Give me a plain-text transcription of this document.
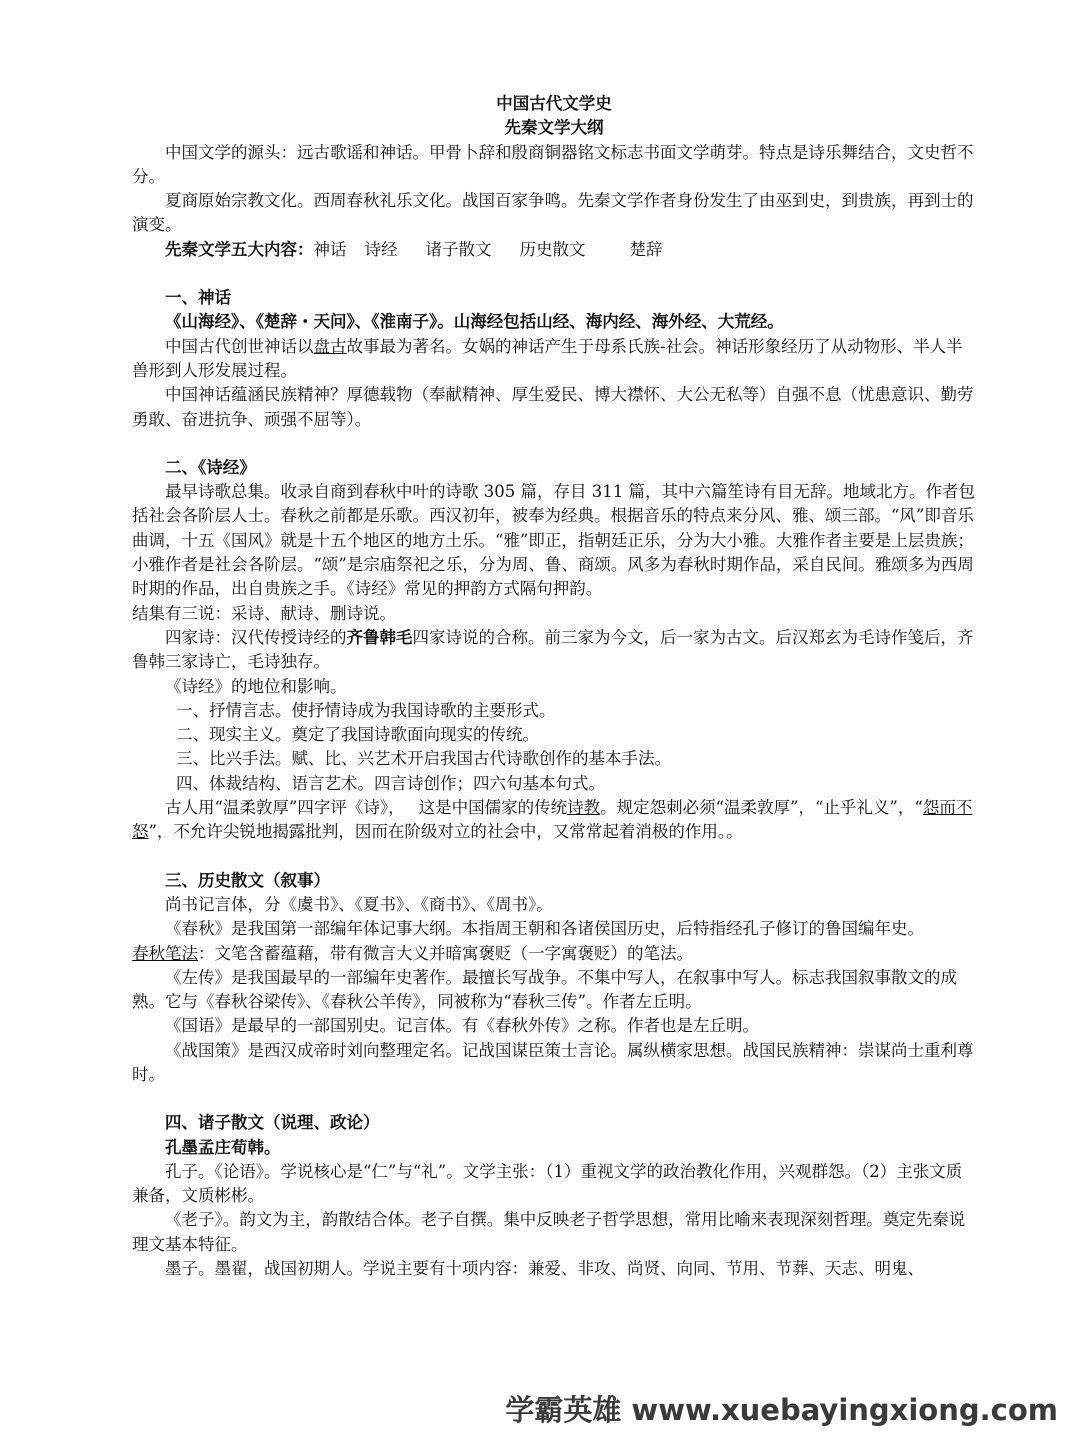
中国古代文学史

先秦文学大纲

中国文学的源头：远古歌谣和神话。甲骨卜辞和殷商铜器铭文标志书面文学萌芽。特点是诗乐舞结合，文史哲不分。

夏商原始宗教文化。西周春秋礼乐文化。战国百家争鸣。先秦文学作者身份发生了由巫到史，到贵族，再到士的演变。

先秦文学五大内容：神话 诗经 诸子散文 历史散文	楚辞

一、神话

《山海经》、《楚辞・天问》、《淮南子》。山海经包括山经、海内经、海外经、大荒经。

中国古代创世神话以盘古故事最为著名。女娲的神话产生于母系氏族-社会。神话形象经历了从动物形、半人半兽形到人形发展过程。

中国神话蕴涵民族精神？厚德载物（奉献精神、厚生爱民、博大襟怀、大公无私等）自强不息（忧患意识、勤劳勇敢、奋进抗争、顽强不屈等）。

二、《诗经》

最早诗歌总集。收录自商到春秋中叶的诗歌 305 篇，存目 311 篇，其中六篇笙诗有目无辞。地域北方。作者包括社会各阶层人士。春秋之前都是乐歌。西汉初年，被奉为经典。根据音乐的特点来分风、雅、颂三部。“风”即音乐曲调，十五《国风》就是十五个地区的地方土乐。“雅”即正，指朝廷正乐，分为大小雅。大雅作者主要是上层贵族；小雅作者是社会各阶层。“颂”是宗庙祭祀之乐，分为周、鲁、商颂。风多为春秋时期作品，采自民间。雅颂多为西周时期的作品，出自贵族之手。《诗经》常见的押韵方式隔句押韵。

结集有三说：采诗、献诗、删诗说。

四家诗：汉代传授诗经的齐鲁韩毛四家诗说的合称。前三家为今文，后一家为古文。后汉郑玄为毛诗作笺后，齐鲁韩三家诗亡，毛诗独存。

《诗经》的地位和影响。

一、抒情言志。使抒情诗成为我国诗歌的主要形式。

二、现实主义。奠定了我国诗歌面向现实的传统。

三、比兴手法。赋、比、兴艺术开启我国古代诗歌创作的基本手法。

四、体裁结构、语言艺术。四言诗创作；四六句基本句式。

古人用“温柔敦厚”四字评《诗》， 这是中国儒家的传统诗教。规定怨刺必须“温柔敦厚”，“止乎礼义”，“怨而不怒”，不允许尖锐地揭露批判，因而在阶级对立的社会中，又常常起着消极的作用。。

三、历史散文（叙事）

尚书记言体，分《虞书》、《夏书》、《商书》、《周书》。

《春秋》是我国第一部编年体记事大纲。本指周王朝和各诸侯国历史，后特指经孔子修订的鲁国编年史。

春秋笔法：文笔含蓄蕴藉，带有微言大义并暗寓褒贬（一字寓褒贬）的笔法。

《左传》是我国最早的一部编年史著作。最擅长写战争。不集中写人，在叙事中写人。标志我国叙事散文的成熟。它与《春秋谷梁传》、《春秋公羊传》，同被称为“春秋三传”。作者左丘明。

《国语》是最早的一部国别史。记言体。有《春秋外传》之称。作者也是左丘明。

《战国策》是西汉成帝时刘向整理定名。记战国谋臣策士言论。属纵横家思想。战国民族精神：崇谋尚士重利尊时。

四、诸子散文（说理、政论）

孔墨孟庄荀韩。

孔子。《论语》。学说核心是“仁”与“礼”。文学主张：（1）重视文学的政治教化作用，兴观群怨。（2）主张文质兼备，文质彬彬。

《老子》。韵文为主，韵散结合体。老子自撰。集中反映老子哲学思想，常用比喻来表现深刻哲理。奠定先秦说理文基本特征。

墨子。墨翟，战国初期人。学说主要有十项内容：兼爱、非攻、尚贤、向同、节用、节葬、天志、明鬼、

学霸英雄 www.xuebayingxiong.com
